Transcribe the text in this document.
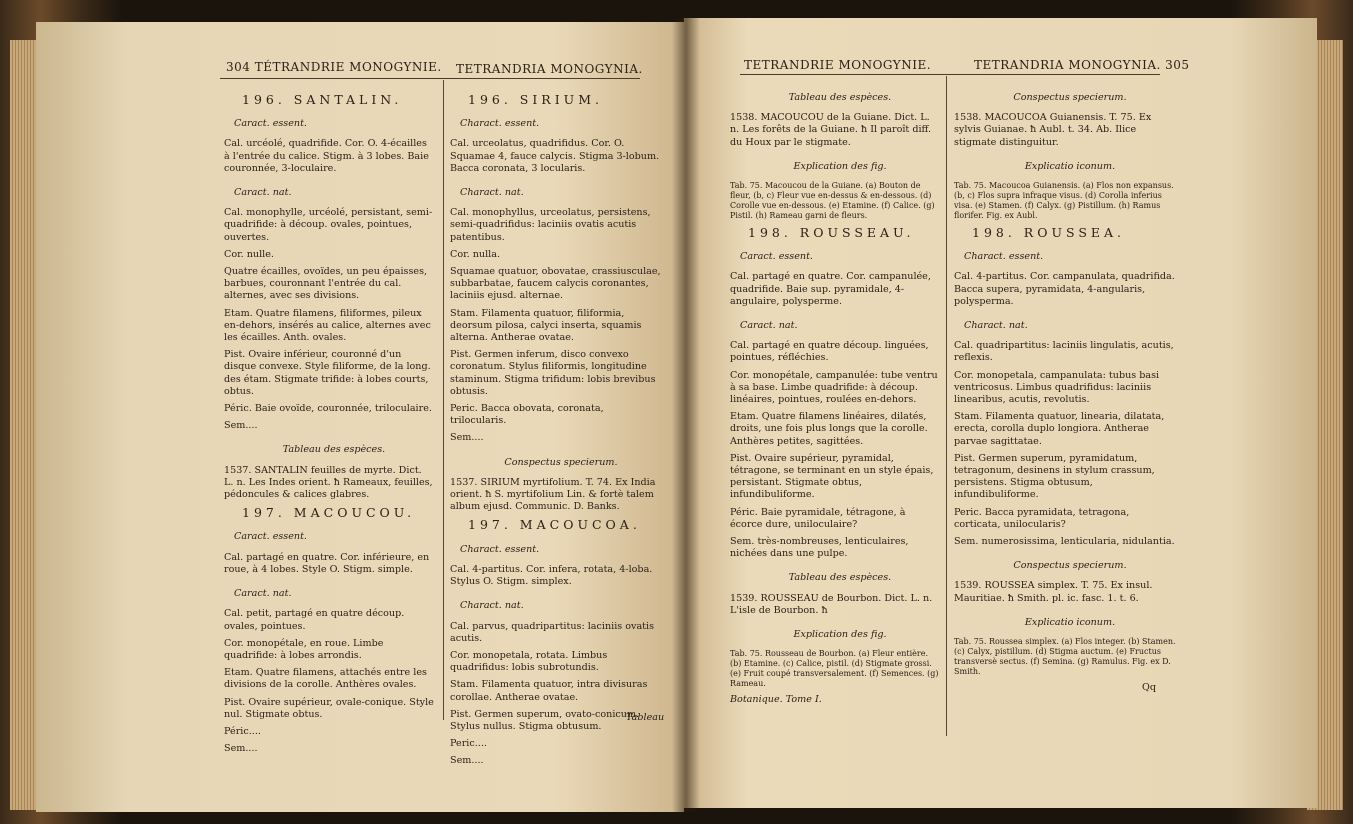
304 TÉTRANDRIE MONOGYNIE. TETRANDRIA MONOGYNIA.
196. SANTALIN.
Caract. essent.

Cal. urcéolé, quadrifide. Cor. O. 4-écailles à l'entrée du calice. Stigm. à 3 lobes. Baie couronnée, 3-loculaire.

Caract. nat.

Cal. monophylle, urcéolé, persistant, semi-quadrifide: à découp. ovales, pointues, ouvertes.

Cor. nulle.

Quatre écailles, ovoïdes, un peu épaisses, barbues, couronnant l'entrée du cal. alternes, avec ses divisions.

Etam. Quatre filamens, filiformes, pileux en-dehors, insérés au calice, alternes avec les écailles. Anth. ovales.

Pist. Ovaire inférieur, couronné d'un disque convexe. Style filiforme, de la long. des étam. Stigmate trifide: à lobes courts, obtus.

Péric. Baie ovoïde, couronnée, triloculaire.

Sem....

Tableau des espèces.

1537. SANTALIN feuilles de myrte. Dict. L. n. Les Indes orient. ħ Rameaux, feuilles, pédoncules & calices glabres.

197. MACOUCOU.
Caract. essent.

Cal. partagé en quatre. Cor. inférieure, en roue, à 4 lobes. Style O. Stigm. simple.

Caract. nat.

Cal. petit, partagé en quatre découp. ovales, pointues.

Cor. monopétale, en roue. Limbe quadrifide: à lobes arrondis.

Etam. Quatre filamens, attachés entre les divisions de la corolle. Anthères ovales.

Pist. Ovaire supérieur, ovale-conique. Style nul. Stigmate obtus.

Péric....

Sem....

196. SIRIUM.
Charact. essent.

Cal. urceolatus, quadrifidus. Cor. O. Squamae 4, fauce calycis. Stigma 3-lobum. Bacca coronata, 3 locularis.

Charact. nat.

Cal. monophyllus, urceolatus, persistens, semi-quadrifidus: laciniis ovatis acutis patentibus.

Cor. nulla.

Squamae quatuor, obovatae, crassiusculae, subbarbatae, faucem calycis coronantes, laciniis ejusd. alternae.

Stam. Filamenta quatuor, filiformia, deorsum pilosa, calyci inserta, squamis alterna. Antherae ovatae.

Pist. Germen inferum, disco convexo coronatum. Stylus filiformis, longitudine staminum. Stigma trifidum: lobis brevibus obtusis.

Peric. Bacca obovata, coronata, trilocularis.

Sem....

Conspectus specierum.

1537. SIRIUM myrtifolium. T. 74. Ex India orient. ħ S. myrtifolium Lin. & fortè talem album ejusd. Communic. D. Banks.

197. MACOUCOA.
Charact. essent.

Cal. 4-partitus. Cor. infera, rotata, 4-loba. Stylus O. Stigm. simplex.

Charact. nat.

Cal. parvus, quadripartitus: laciniis ovatis acutis.

Cor. monopetala, rotata. Limbus quadrifidus: lobis subrotundis.

Stam. Filamenta quatuor, intra divisuras corollae. Antherae ovatae.

Pist. Germen superum, ovato-conicum. Stylus nullus. Stigma obtusum.

Peric....

Sem....

Tableau
TETRANDRIE MONOGYNIE.	TETRANDRIA MONOGYNIA. 305
Tableau des espèces.

1538. MACOUCOU de la Guiane. Dict. L. n. Les forêts de la Guiane. ħ Il paroît diff. du Houx par le stigmate.

Explication des fig.

Tab. 75. Macoucou de la Guiane. (a) Bouton de fleur, (b, c) Fleur vue en-dessus & en-dessous. (d) Corolle vue en-dessous. (e) Etamine. (f) Calice. (g) Pistil. (h) Rameau garni de fleurs.

198. ROUSSEAU.
Caract. essent.

Cal. partagé en quatre. Cor. campanulée, quadrifide. Baie sup. pyramidale, 4-angulaire, polysperme.

Caract. nat.

Cal. partagé en quatre découp. linguées, pointues, réfléchies.

Cor. monopétale, campanulée: tube ventru à sa base. Limbe quadrifide: à découp. linéaires, pointues, roulées en-dehors.

Etam. Quatre filamens linéaires, dilatés, droits, une fois plus longs que la corolle. Anthères petites, sagittées.

Pist. Ovaire supérieur, pyramidal, tétragone, se terminant en un style épais, persistant. Stigmate obtus, infundibuliforme.

Péric. Baie pyramidale, tétragone, à écorce dure, uniloculaire?

Sem. très-nombreuses, lenticulaires, nichées dans une pulpe.

Tableau des espèces.

1539. ROUSSEAU de Bourbon. Dict. L. n. L'isle de Bourbon. ħ

Explication des fig.

Tab. 75. Rousseau de Bourbon. (a) Fleur entière. (b) Etamine. (c) Calice, pistil. (d) Stigmate grossi. (e) Fruit coupé transversalement. (f) Semences. (g) Rameau.

Botanique. Tome I.

Conspectus specierum.

1538. MACOUCOA Guianensis. T. 75. Ex sylvis Guianae. ħ Aubl. t. 34. Ab. Ilice stigmate distinguitur.

Explicatio iconum.

Tab. 75. Macoucoa Guianensis. (a) Flos non expansus. (b, c) Flos supra infraque visus. (d) Corolla inferius visa. (e) Stamen. (f) Calyx. (g) Pistillum. (h) Ramus florifer. Fig. ex Aubl.

198. ROUSSEA.
Charact. essent.

Cal. 4-partitus. Cor. campanulata, quadrifida. Bacca supera, pyramidata, 4-angularis, polysperma.

Charact. nat.

Cal. quadripartitus: laciniis lingulatis, acutis, reflexis.

Cor. monopetala, campanulata: tubus basi ventricosus. Limbus quadrifidus: laciniis linearibus, acutis, revolutis.

Stam. Filamenta quatuor, linearia, dilatata, erecta, corolla duplo longiora. Antherae parvae sagittatae.

Pist. Germen superum, pyramidatum, tetragonum, desinens in stylum crassum, persistens. Stigma obtusum, infundibuliforme.

Peric. Bacca pyramidata, tetragona, corticata, unilocularis?

Sem. numerosissima, lenticularia, nidulantia.

Conspectus specierum.

1539. ROUSSEA simplex. T. 75. Ex insul. Mauritiae. ħ Smith. pl. ic. fasc. 1. t. 6.

Explicatio iconum.

Tab. 75. Roussea simplex. (a) Flos integer. (b) Stamen. (c) Calyx, pistillum. (d) Stigma auctum. (e) Fructus transversè sectus. (f) Semina. (g) Ramulus. Fig. ex D. Smith.

Qq
